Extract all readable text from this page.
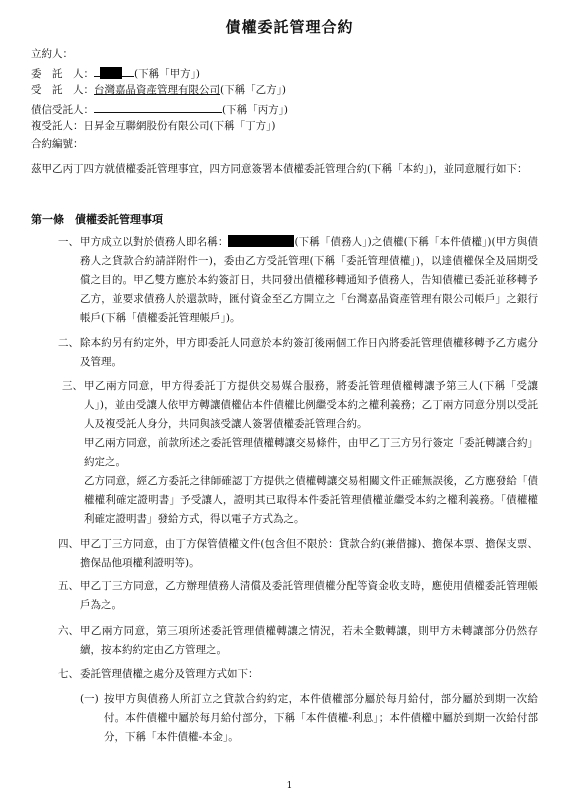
債權委託管理合約
立約人：
委　託　人：	(下稱「甲方」)
受　託　人：台灣嘉晶資產管理有限公司(下稱「乙方」)
債信受託人：	(下稱「丙方」)
複受託人：日昇金互聯網股份有限公司(下稱「丁方」)
合約編號：
茲甲乙丙丁四方就債權委託管理事宜，四方同意簽署本債權委託管理合約(下稱「本約」)，並同意履行如下：
第一條　債權委託管理事項
一、 甲方成立以對於債務人即名稱：	(下稱「債務人」)之債權(下稱「本件債權」)(甲方與債務人之貸款合約請詳附件一)，委由乙方受託管理(下稱「委託管理債權」)，以達債權保全及屆期受償之目的。甲乙雙方應於本約簽訂日，共同發出債權移轉通知予債務人，告知債權已委託並移轉予乙方，並要求債務人於還款時，匯付資金至乙方開立之「台灣嘉晶資產管理有限公司帳戶」之銀行帳戶(下稱「債權委託管理帳戶」)。
二、 除本約另有約定外，甲方即委託人同意於本約簽訂後兩個工作日內將委託管理債權移轉予乙方處分及管理。
三、 甲乙兩方同意，甲方得委託丁方提供交易媒合服務，將委託管理債權轉讓予第三人(下稱「受讓人」)，並由受讓人依甲方轉讓債權佔本件債權比例繼受本約之權利義務；乙丁兩方同意分別以受託人及複受託人身分，共同與該受讓人簽署債權委託管理合約。
甲乙兩方同意，前款所述之委託管理債權轉讓交易條件，由甲乙丁三方另行簽定「委託轉讓合約」約定之。
乙方同意，經乙方委託之律師確認丁方提供之債權轉讓交易相關文件正確無誤後，乙方應發給「債權權利確定證明書」予受讓人，證明其已取得本件委託管理債權並繼受本約之權利義務。「債權權利確定證明書」發給方式，得以電子方式為之。
四、 甲乙丁三方同意，由丁方保管債權文件(包含但不限於：貸款合約(兼借據)、擔保本票、擔保支票、擔保品他項權利證明等)。
五、 甲乙丁三方同意，乙方辦理債務人清償及委託管理債權分配等資金收支時，應使用債權委託管理帳戶為之。
六、 甲乙兩方同意，第三項所述委託管理債權轉讓之情況，若未全數轉讓，則甲方未轉讓部分仍然存續，按本約約定由乙方管理之。
七、 委託管理債權之處分及管理方式如下：
(一) 按甲方與債務人所訂立之貸款合約約定，本件債權部分屬於每月給付，部分屬於到期一次給付。本件債權中屬於每月給付部分，下稱「本件債權-利息」；本件債權中屬於到期一次給付部分，下稱「本件債權-本金」。
1
